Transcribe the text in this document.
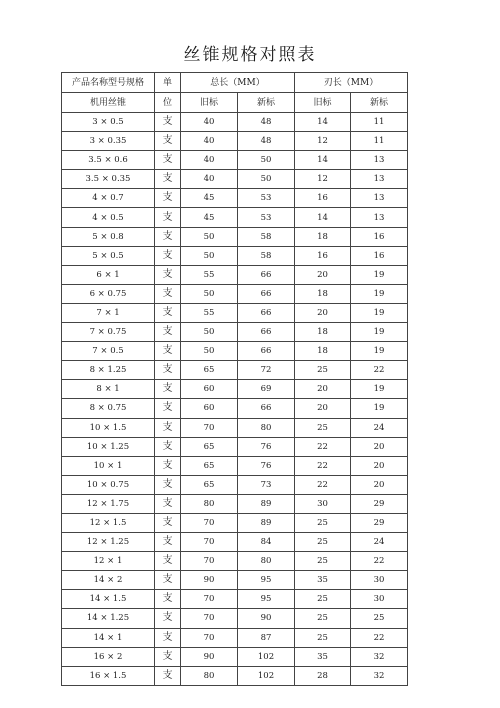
丝锥规格对照表
产品名称型号规格	单	总长（MM）		刃长（MM）	
机用丝锥	位	旧标	新标	旧标	新标
3 × 0.5	支	40	48	14	11
3 × 0.35	支	40	48	12	11
3.5 × 0.6	支	40	50	14	13
3.5 × 0.35	支	40	50	12	13
4 × 0.7	支	45	53	16	13
4 × 0.5	支	45	53	14	13
5 × 0.8	支	50	58	18	16
5 × 0.5	支	50	58	16	16
6 × 1	支	55	66	20	19
6 × 0.75	支	50	66	18	19
7 × 1	支	55	66	20	19
7 × 0.75	支	50	66	18	19
7 × 0.5	支	50	66	18	19
8 × 1.25	支	65	72	25	22
8 × 1	支	60	69	20	19
8 × 0.75	支	60	66	20	19
10 × 1.5	支	70	80	25	24
10 × 1.25	支	65	76	22	20
10 × 1	支	65	76	22	20
10 × 0.75	支	65	73	22	20
12 × 1.75	支	80	89	30	29
12 × 1.5	支	70	89	25	29
12 × 1.25	支	70	84	25	24
12 × 1	支	70	80	25	22
14 × 2	支	90	95	35	30
14 × 1.5	支	70	95	25	30
14 × 1.25	支	70	90	25	25
14 × 1	支	70	87	25	22
16 × 2	支	90	102	35	32
16 × 1.5	支	80	102	28	32
